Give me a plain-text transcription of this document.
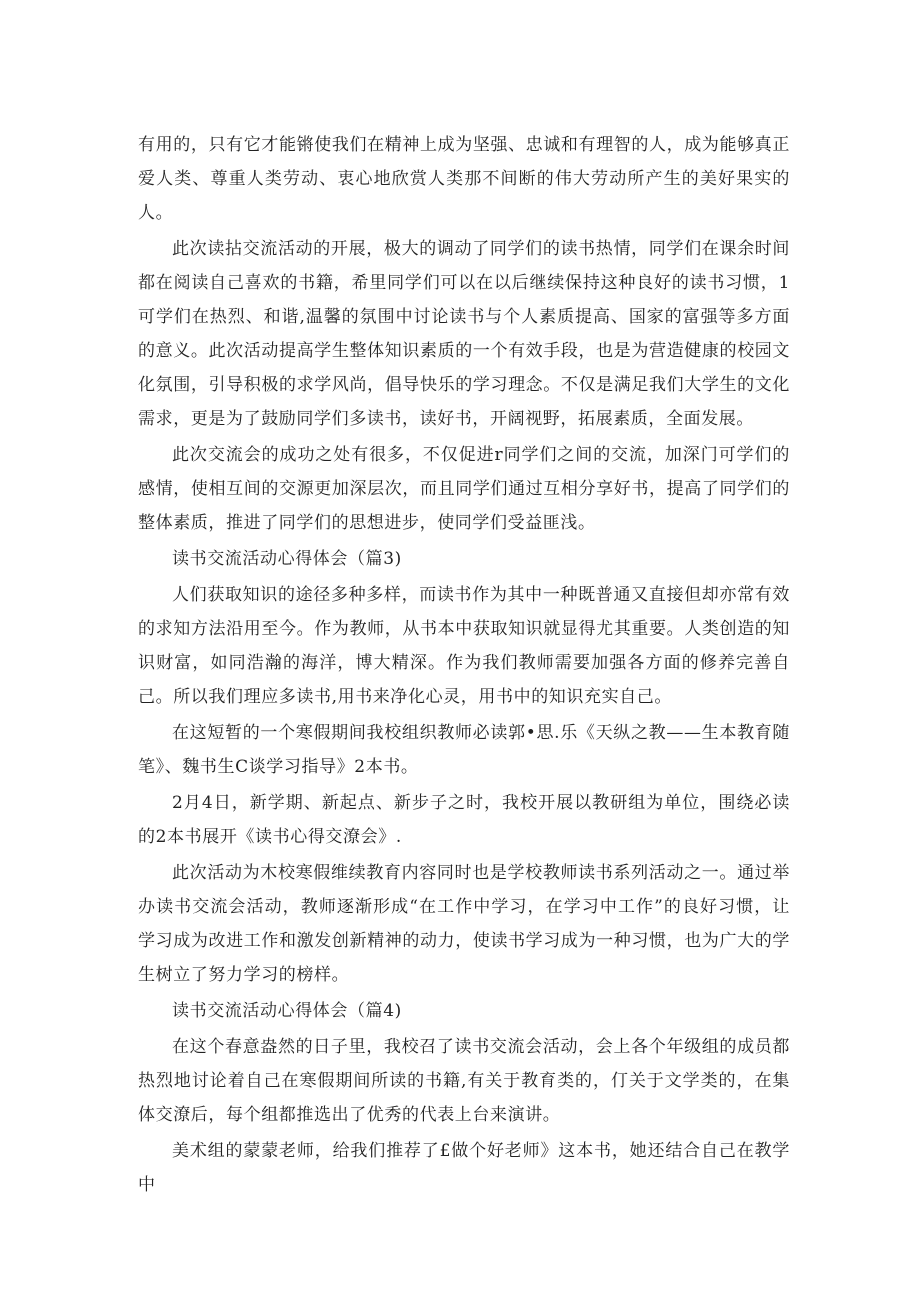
有用的，只有它才能锵使我们在精神上成为坚强、忠诚和有理智的人，成为能够真正爱人类、尊重人类劳动、衷心地欣赏人类那不间断的伟大劳动所产生的美好果实的人。

此次读拈交流活动的开展，极大的调动了同学们的读书热情，同学们在课余时间都在阅读自己喜欢的书籍，希里同学们可以在以后继续保持这种良好的读书习惯，1可学们在热烈、和谐,温馨的氛围中讨论读书与个人素质提高、国家的富强等多方面的意义。此次活动提高学生整体知识素质的一个有效手段，也是为营造健康的校园文化氛围，引导积极的求学风尚，倡导快乐的学习理念。不仅是满足我们大学生的文化需求，更是为了鼓励同学们多读书，读好书，开阔视野，拓展素质，全面发展。

此次交流会的成功之处有很多，不仅促进r同学们之间的交流，加深门可学们的感情，使相互间的交源更加深层次，而且同学们通过互相分享好书，提高了同学们的整体素质，推进了同学们的思想进步，使同学们受益匪浅。

读书交流活动心得体会（篇3)

人们获取知识的途径多种多样，而读书作为其中一种既普通又直接但却亦常有效的求知方法沿用至今。作为教师，从书本中获取知识就显得尤其重要。人类创造的知识财富，如同浩瀚的海洋，博大精深。作为我们教师需要加强各方面的修养完善自己。所以我们理应多读书,用书来净化心灵，用书中的知识充实自己。

在这短暂的一个寒假期间我校组织教师必读郭•思.乐《天纵之教——生本教育随笔》、魏书生C谈学习指导》2本书。

2月4日，新学期、新起点、新步子之时，我校开展以教研组为单位，围绕必读的2本书展开《读书心得交潦会》.

此次活动为木校寒假维续教育内容同时也是学校教师读书系列活动之一。通过举办读书交流会活动，教师逐渐形成“在工作中学习，在学习中工作”的良好习惯，让学习成为改进工作和激发创新精神的动力，使读书学习成为一种习惯，也为广大的学生树立了努力学习的榜样。

读书交流活动心得体会（篇4)

在这个春意盎然的日子里，我校召了读书交流会活动，会上各个年级组的成员都热烈地讨论着自己在寒假期间所读的书籍,有关于教育类的，仃关于文学类的，在集体交潦后，每个组都推选出了优秀的代表上台来演讲。

美术组的蒙蒙老师，给我们推荐了£做个好老师》这本书，她还结合自己在教学中
